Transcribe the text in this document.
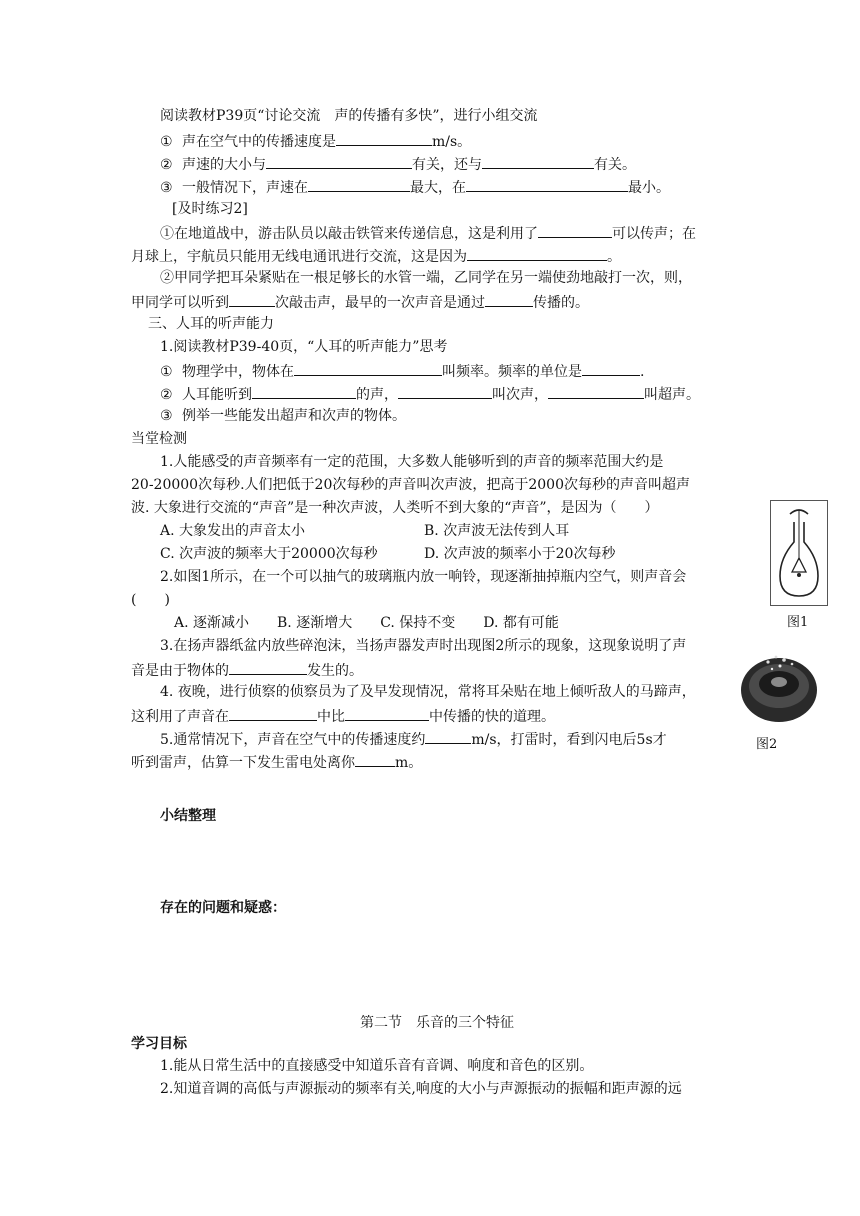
阅读教材P39页“讨论交流　声的传播有多快”，进行小组交流
① 声在空气中的传播速度是	m/s。
② 声速的大小与	有关，还与	有关。
③ 一般情况下，声速在	最大，在	最小。
[及时练习2]
①在地道战中，游击队员以敲击铁管来传递信息，这是利用了	可以传声；在
月球上，宇航员只能用无线电通讯进行交流，这是因为	。
②甲同学把耳朵紧贴在一根足够长的水管一端，乙同学在另一端使劲地敲打一次，则，
甲同学可以听到	次敲击声，最早的一次声音是通过	传播的。
三、人耳的听声能力
1.阅读教材P39-40页，“人耳的听声能力”思考
① 物理学中，物体在	叫频率。频率的单位是	.
② 人耳能听到	的声，	叫次声，	叫超声。
③ 例举一些能发出超声和次声的物体。
当堂检测
1.人能感受的声音频率有一定的范围，大多数人能够听到的声音的频率范围大约是
20-20000次每秒.人们把低于20次每秒的声音叫次声波，把高于2000次每秒的声音叫超声
波. 大象进行交流的“声音”是一种次声波，人类听不到大象的“声音”，是因为（　　）
A. 大象发出的声音太小	B. 次声波无法传到人耳
C. 次声波的频率大于20000次每秒	D. 次声波的频率小于20次每秒
2.如图1所示，在一个可以抽气的玻璃瓶内放一响铃，现逐渐抽掉瓶内空气，则声音会
(　　)
A. 逐渐减小　　B. 逐渐增大　　C. 保持不变　　D. 都有可能
3.在扬声器纸盆内放些碎泡沫，当扬声器发声时出现图2所示的现象，这现象说明了声
音是由于物体的	发生的。
4. 夜晚，进行侦察的侦察员为了及早发现情况，常将耳朵贴在地上倾听敌人的马蹄声，
这利用了声音在	中比	中传播的快的道理。
5.通常情况下，声音在空气中的传播速度约	m/s，打雷时，看到闪电后5s才
听到雷声，估算一下发生雷电处离你	m。
图1
图2
小结整理
存在的问题和疑惑：
第二节　乐音的三个特征
学习目标
1.能从日常生活中的直接感受中知道乐音有音调、响度和音色的区别。
2.知道音调的高低与声源振动的频率有关,响度的大小与声源振动的振幅和距声源的远
